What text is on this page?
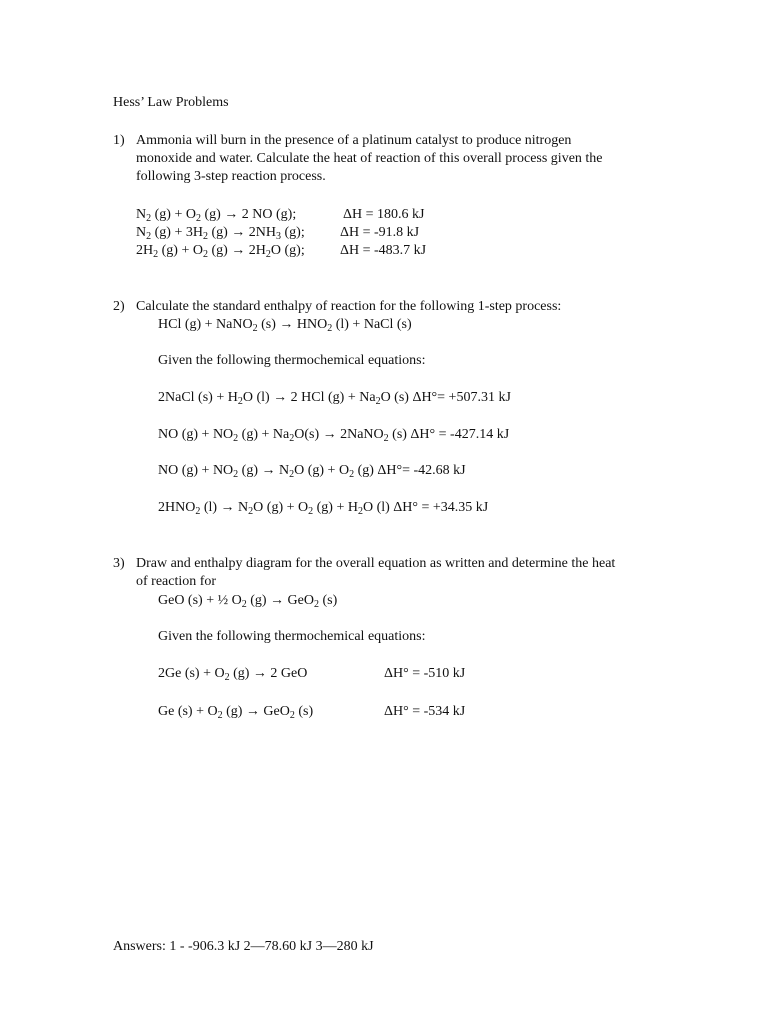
Hess’ Law Problems
1) Ammonia will burn in the presence of a platinum catalyst to produce nitrogen
monoxide and water. Calculate the heat of reaction of this overall process given the
following 3-step reaction process.
$N_2$ $(g) + O_2$ (g) → 2 NO (g);	ΔH = 180.6 kJ
$N_2$ $(g) + 3H_2$ $(g) \to 2NH_3$ (g);	ΔH = -91.8 kJ
$2H_2$ $(g) + O_2$ $(g) \to 2H_2O$ (g);	ΔH = -483.7 kJ
2) Calculate the standard enthalpy of reaction for the following 1-step process:
HCl (g) + NaNO$_2$ $(s) \to HNO_2$ (l) + NaCl (s)
Given the following thermochemical equations:
2NaCl $(s) + H_2O$ (l) → 2 HCl $(g) + Na_2O$ (s) ΔH°= +507.31 kJ
NO $(g) + NO_2$ $(g) + Na_2O(s)$ → 2NaNO$_2$ (s) ΔH° = -427.14 kJ
NO $(g) + NO_2$ $(g) \to N_2O$ $(g) + O_2$ (g) ΔH°= -42.68 kJ
$2HNO_2$ $(l) \to N_2O$ $(g) + O_2$ $(g) + H_2O$ (l) ΔH° = +34.35 kJ
3) Draw and enthalpy diagram for the overall equation as written and determine the heat
of reaction for
GeO (s) + ½ $O_2$ (g) → GeO$_2$ (s)
Given the following thermochemical equations:
2Ge $(s) + O_2$ (g) → 2 GeO	ΔH° = -510 kJ
Ge $(s) + O_2$ (g) → GeO$_2$ (s)	ΔH° = -534 kJ
Answers: 1 - -906.3 kJ 2—78.60 kJ 3—280 kJ
